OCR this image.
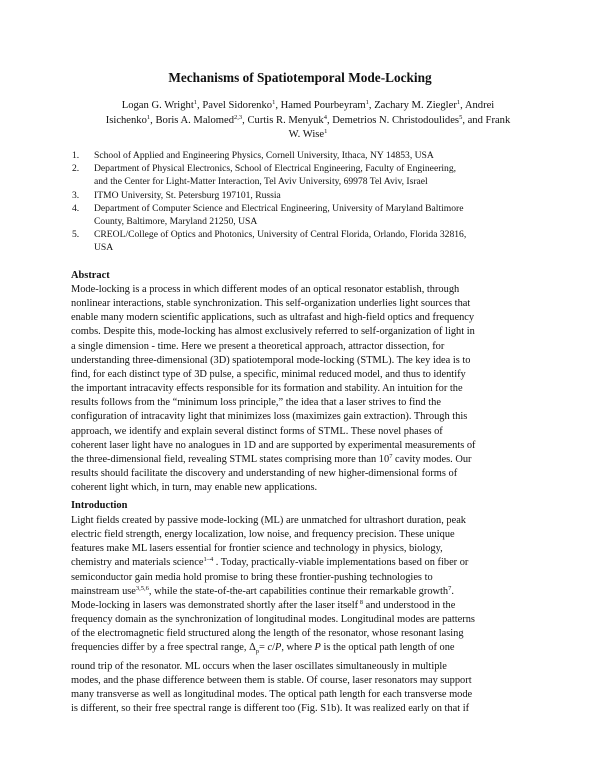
Mechanisms of Spatiotemporal Mode-Locking
Logan G. Wright$^1$, Pavel Sidorenko$^1$, Hamed Pourbeyram$^1$, Zachary M. Ziegler$^1$, Andrei
Isichenko$^1$, Boris A. Malomed$^{2,3}$, Curtis R. Menyuk$^4$, Demetrios N. Christodoulides$^5$, and Frank
W. Wise$^1$
1. School of Applied and Engineering Physics, Cornell University, Ithaca, NY 14853, USA
2. Department of Physical Electronics, School of Electrical Engineering, Faculty of Engineering,
and the Center for Light-Matter Interaction, Tel Aviv University, 69978 Tel Aviv, Israel
3. ITMO University, St. Petersburg 197101, Russia
4. Department of Computer Science and Electrical Engineering, University of Maryland Baltimore
County, Baltimore, Maryland 21250, USA
5. CREOL/College of Optics and Photonics, University of Central Florida, Orlando, Florida 32816,
USA
Abstract
Mode-locking is a process in which different modes of an optical resonator establish, through
nonlinear interactions, stable synchronization. This self-organization underlies light sources that
enable many modern scientific applications, such as ultrafast and high-field optics and frequency
combs. Despite this, mode-locking has almost exclusively referred to self-organization of light in
a single dimension - time. Here we present a theoretical approach, attractor dissection, for
understanding three-dimensional (3D) spatiotemporal mode-locking (STML). The key idea is to
find, for each distinct type of 3D pulse, a specific, minimal reduced model, and thus to identify
the important intracavity effects responsible for its formation and stability. An intuition for the
results follows from the “minimum loss principle,” the idea that a laser strives to find the
configuration of intracavity light that minimizes loss (maximizes gain extraction). Through this
approach, we identify and explain several distinct forms of STML. These novel phases of
coherent laser light have no analogues in 1D and are supported by experimental measurements of
the three-dimensional field, revealing STML states comprising more than $10^7$ cavity modes. Our
results should facilitate the discovery and understanding of new higher-dimensional forms of
coherent light which, in turn, may enable new applications.
Introduction
Light fields created by passive mode-locking (ML) are unmatched for ultrashort duration, peak
electric field strength, energy localization, low noise, and frequency precision. These unique
features make ML lasers essential for frontier science and technology in physics, biology,
chemistry and materials science$^{1-4}$ . Today, practically-viable implementations based on fiber or
semiconductor gain media hold promise to bring these frontier-pushing technologies to
mainstream use$^{3,5,6}$, while the state-of-the-art capabilities continue their remarkable growth$^7$.
Mode-locking in lasers was demonstrated shortly after the laser itself $^8$ and understood in the
frequency domain as the synchronization of longitudinal modes. Longitudinal modes are patterns
of the electromagnetic field structured along the length of the resonator, whose resonant lasing
frequencies differ by a free spectral range, $\Delta_p= c/P$, where P is the optical path length of one
round trip of the resonator. ML occurs when the laser oscillates simultaneously in multiple
modes, and the phase difference between them is stable. Of course, laser resonators may support
many transverse as well as longitudinal modes. The optical path length for each transverse mode
is different, so their free spectral range is different too (Fig. S1b). It was realized early on that if
